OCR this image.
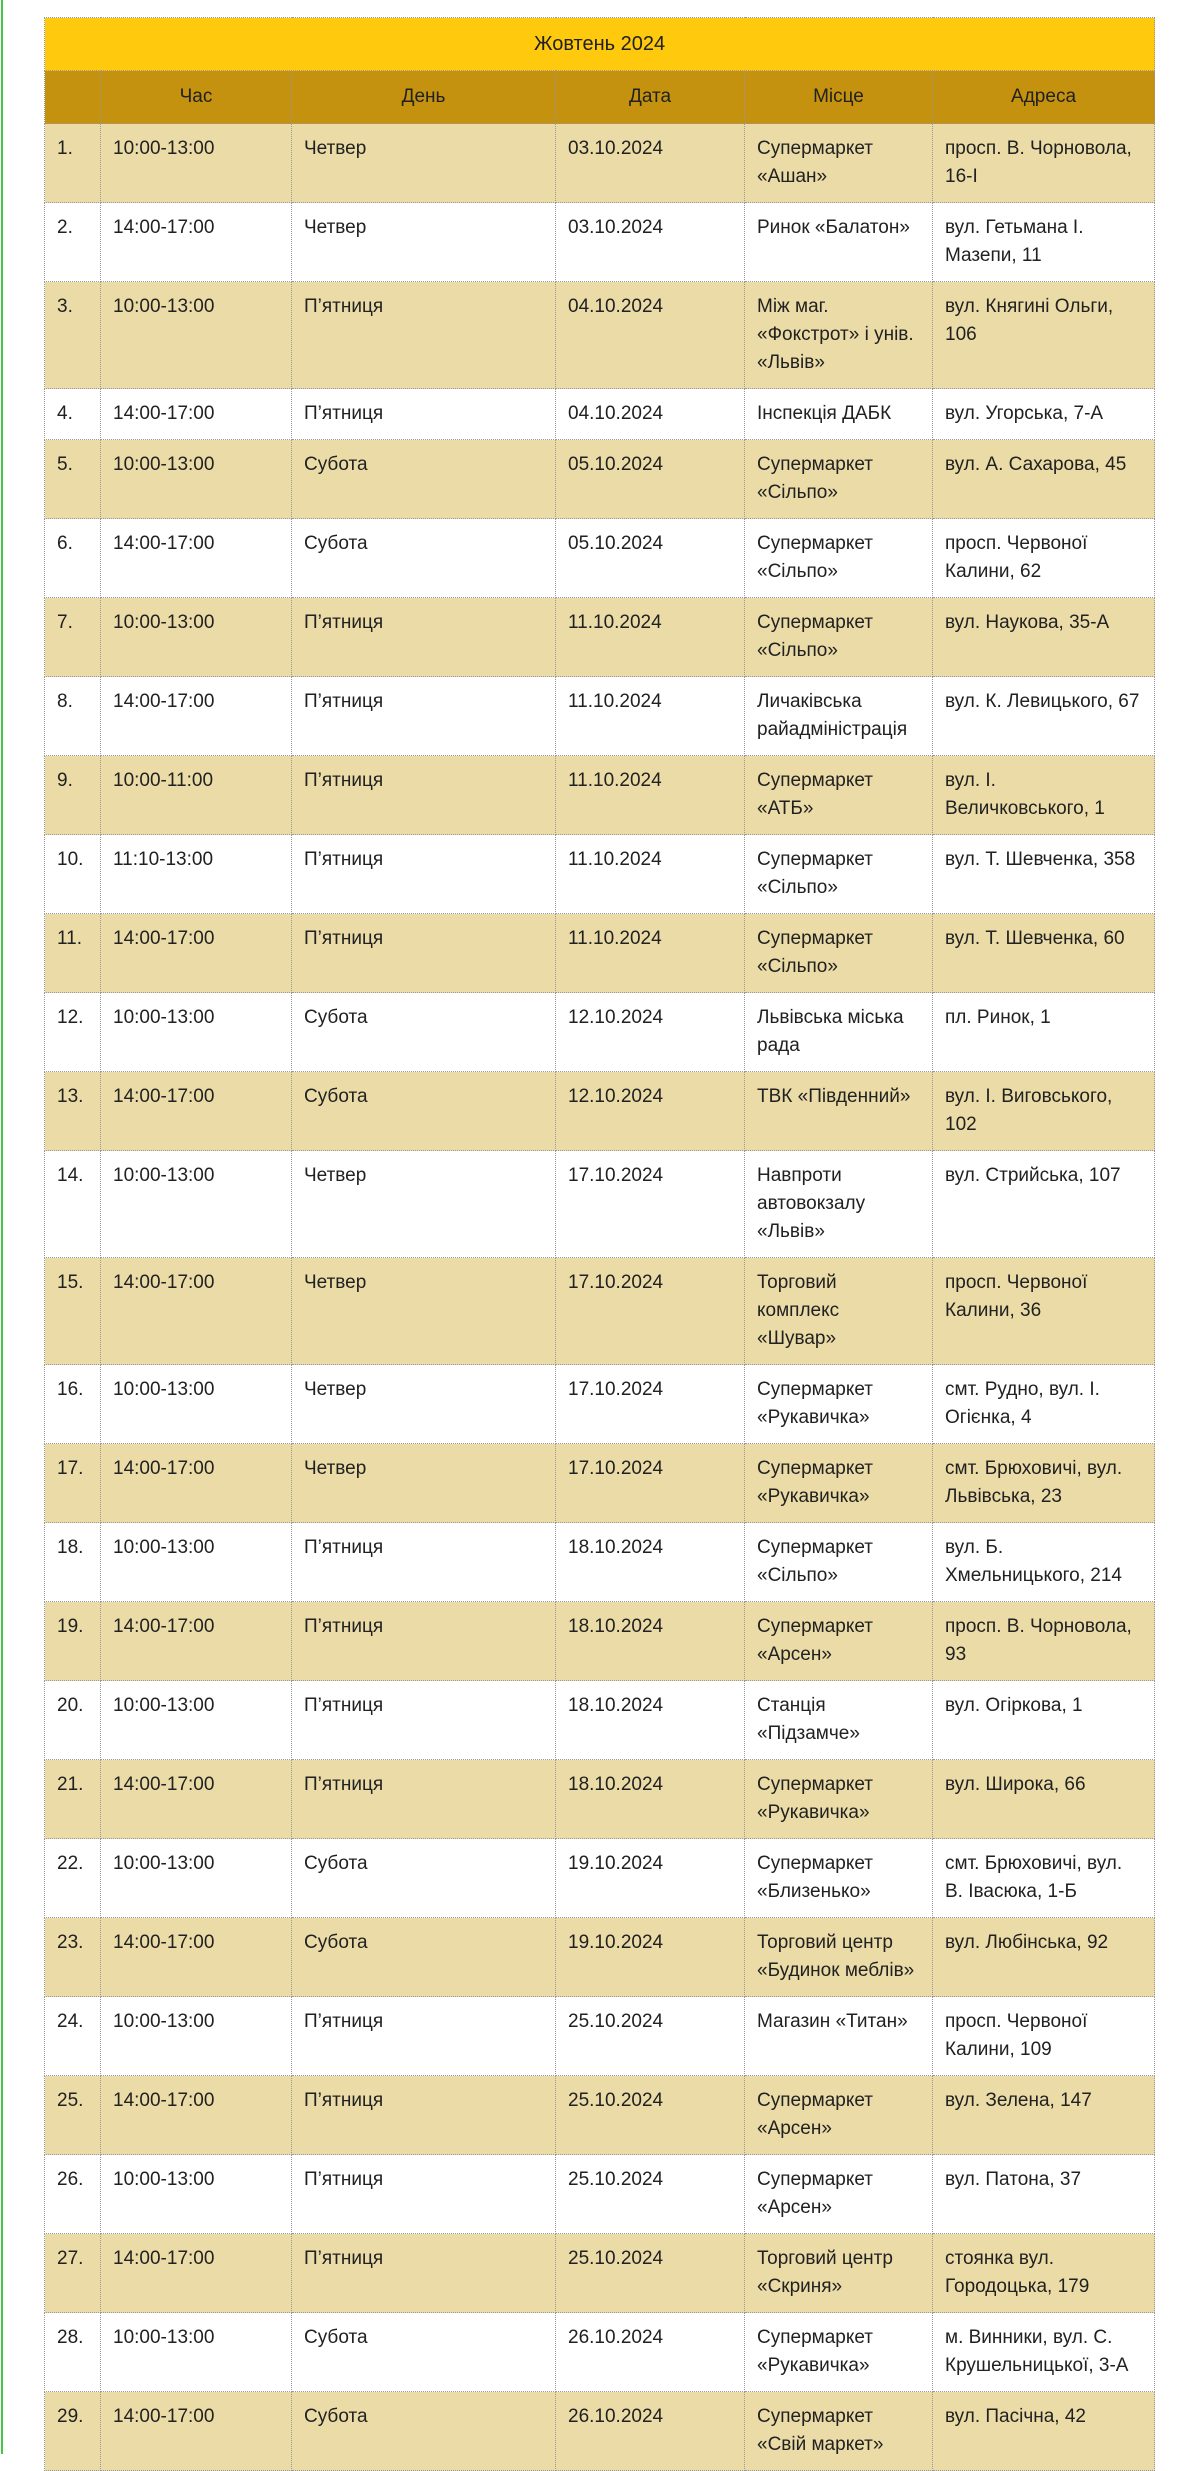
Жовтень 2024					
	Час	День	Дата	Місце	Адреса
1.	10:00-13:00	Четвер	03.10.2024	Супермаркет «Ашан»	просп. В. Чорновола, 16-І
2.	14:00-17:00	Четвер	03.10.2024	Ринок «Балатон»	вул. Гетьмана І. Мазепи, 11
3.	10:00-13:00	П’ятниця	04.10.2024	Між маг. «Фокстрот» і унів. «Львів»	вул. Княгині Ольги, 106
4.	14:00-17:00	П’ятниця	04.10.2024	Інспекція ДАБК	вул. Угорська, 7-А
5.	10:00-13:00	Субота	05.10.2024	Супермаркет «Сільпо»	вул. А. Сахарова, 45
6.	14:00-17:00	Субота	05.10.2024	Супермаркет «Сільпо»	просп. Червоної Калини, 62
7.	10:00-13:00	П’ятниця	11.10.2024	Супермаркет «Сільпо»	вул. Наукова, 35-А
8.	14:00-17:00	П’ятниця	11.10.2024	Личаківська райадміністрація	вул. К. Левицького, 67
9.	10:00-11:00	П’ятниця	11.10.2024	Супермаркет «АТБ»	вул. І. Величковського, 1
10.	11:10-13:00	П’ятниця	11.10.2024	Супермаркет «Сільпо»	вул. Т. Шевченка, 358
11.	14:00-17:00	П’ятниця	11.10.2024	Супермаркет «Сільпо»	вул. Т. Шевченка, 60
12.	10:00-13:00	Субота	12.10.2024	Львівська міська рада	пл. Ринок, 1
13.	14:00-17:00	Субота	12.10.2024	ТВК «Південний»	вул. І. Виговського, 102
14.	10:00-13:00	Четвер	17.10.2024	Навпроти автовокзалу «Львів»	вул. Стрийська, 107
15.	14:00-17:00	Четвер	17.10.2024	Торговий комплекс «Шувар»	просп. Червоної Калини, 36
16.	10:00-13:00	Четвер	17.10.2024	Супермаркет «Рукавичка»	смт. Рудно, вул. І. Огієнка, 4
17.	14:00-17:00	Четвер	17.10.2024	Супермаркет «Рукавичка»	смт. Брюховичі, вул. Львівська, 23
18.	10:00-13:00	П’ятниця	18.10.2024	Супермаркет «Сільпо»	вул. Б. Хмельницького, 214
19.	14:00-17:00	П’ятниця	18.10.2024	Супермаркет «Арсен»	просп. В. Чорновола, 93
20.	10:00-13:00	П’ятниця	18.10.2024	Станція «Підзамче»	вул. Огіркова, 1
21.	14:00-17:00	П’ятниця	18.10.2024	Супермаркет «Рукавичка»	вул. Широка, 66
22.	10:00-13:00	Субота	19.10.2024	Супермаркет «Близенько»	смт. Брюховичі, вул. В. Івасюка, 1-Б
23.	14:00-17:00	Субота	19.10.2024	Торговий центр «Будинок меблів»	вул. Любінська, 92
24.	10:00-13:00	П’ятниця	25.10.2024	Магазин «Титан»	просп. Червоної Калини, 109
25.	14:00-17:00	П’ятниця	25.10.2024	Супермаркет «Арсен»	вул. Зелена, 147
26.	10:00-13:00	П’ятниця	25.10.2024	Супермаркет «Арсен»	вул. Патона, 37
27.	14:00-17:00	П’ятниця	25.10.2024	Торговий центр «Скриня»	стоянка вул. Городоцька, 179
28.	10:00-13:00	Субота	26.10.2024	Супермаркет «Рукавичка»	м. Винники, вул. С. Крушельницької, 3-А
29.	14:00-17:00	Субота	26.10.2024	Супермаркет «Свій маркет»	вул. Пасічна, 42
